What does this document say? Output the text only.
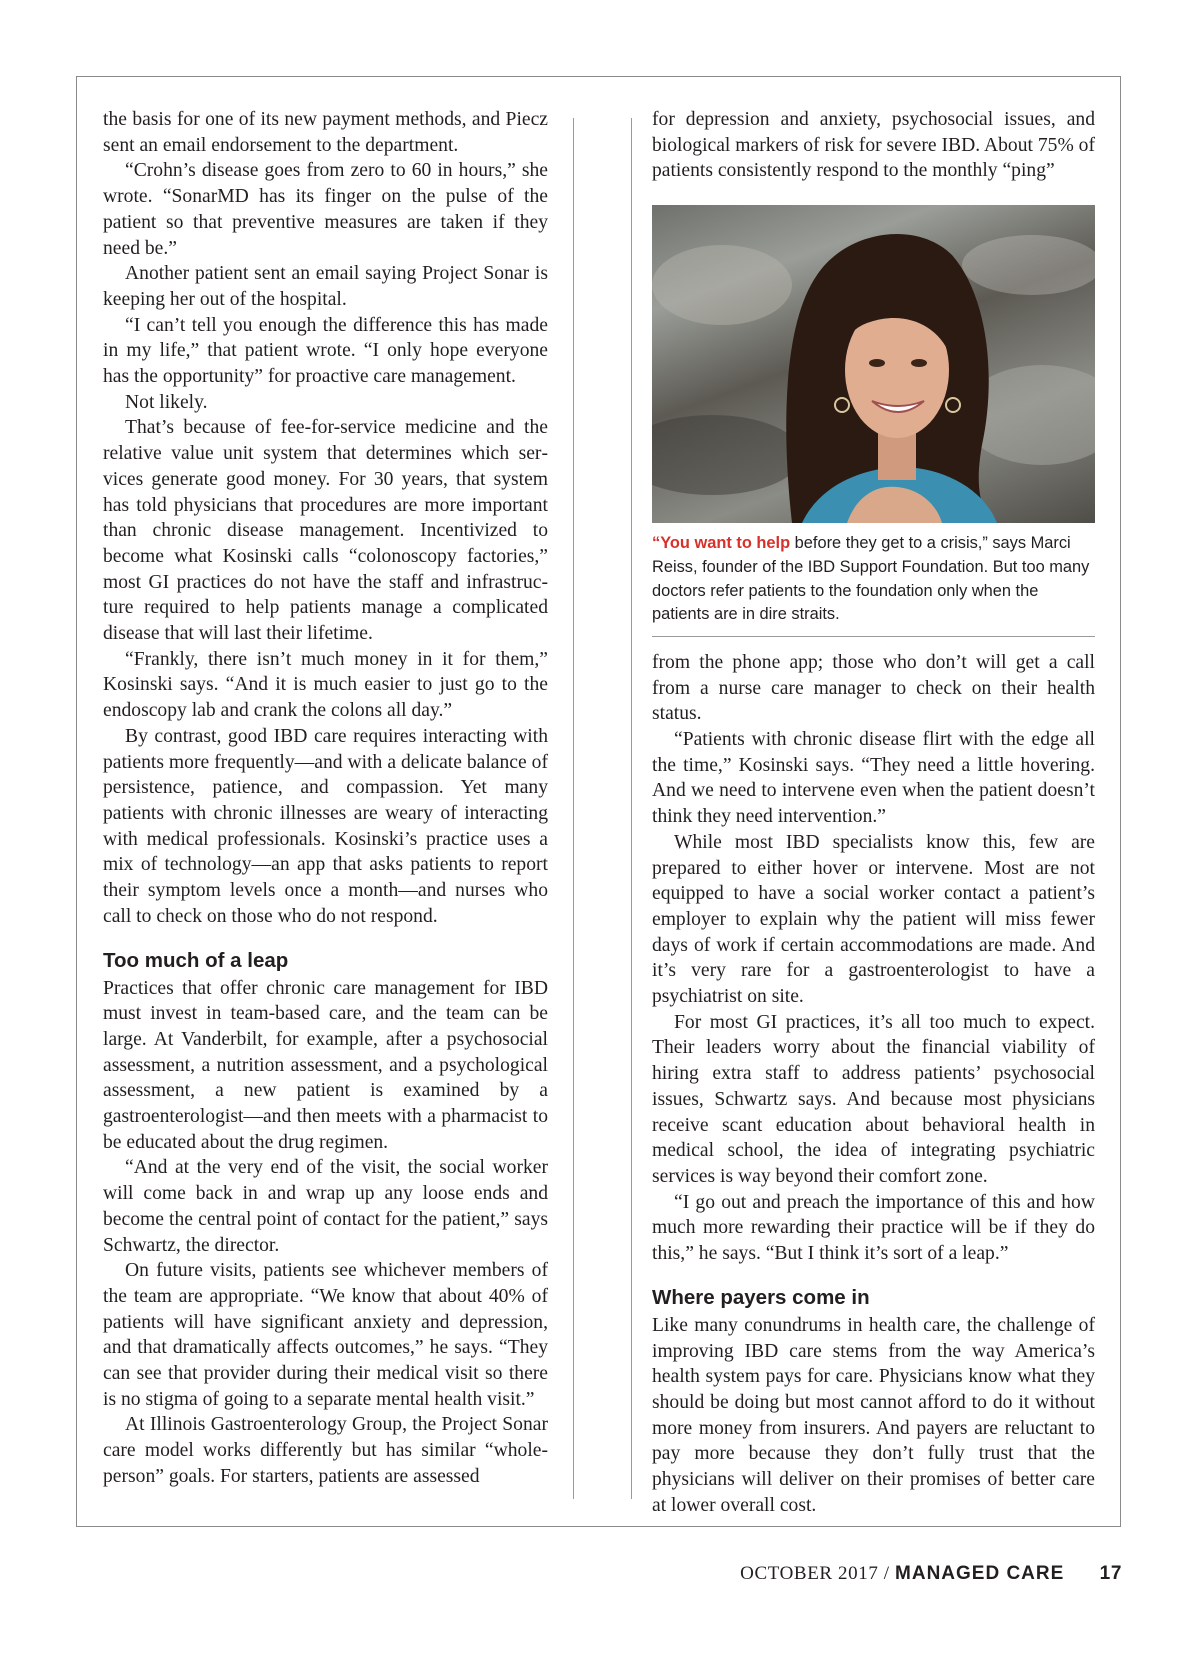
the basis for one of its new payment methods, and Piecz sent an email endorsement to the department.

“Crohn’s disease goes from zero to 60 in hours,” she wrote. “SonarMD has its finger on the pulse of the patient so that preventive measures are taken if they need be.”

Another patient sent an email saying Project Sonar is keeping her out of the hospital.

“I can’t tell you enough the difference this has made in my life,” that patient wrote. “I only hope everyone has the opportunity” for proactive care management.

Not likely.

That’s because of fee-for-service medicine and the relative value unit system that determines which services generate good money. For 30 years, that system has told physicians that procedures are more important than chronic disease management. Incentivized to become what Kosinski calls “colonoscopy factories,” most GI practices do not have the staff and infrastructure required to help patients manage a complicated disease that will last their lifetime.

“Frankly, there isn’t much money in it for them,” Kosinski says. “And it is much easier to just go to the endoscopy lab and crank the colons all day.”

By contrast, good IBD care requires interacting with patients more frequently—and with a delicate balance of persistence, patience, and compassion. Yet many patients with chronic illnesses are weary of interacting with medical professionals. Kosinski’s practice uses a mix of technology—an app that asks patients to report their symptom levels once a month—and nurses who call to check on those who do not respond.

Too much of a leap

Practices that offer chronic care management for IBD must invest in team-based care, and the team can be large. At Vanderbilt, for example, after a psychosocial assessment, a nutrition assessment, and a psychological assessment, a new patient is examined by a gastroenterologist—and then meets with a pharmacist to be educated about the drug regimen.

“And at the very end of the visit, the social worker will come back in and wrap up any loose ends and become the central point of contact for the patient,” says Schwartz, the director.

On future visits, patients see whichever members of the team are appropriate. “We know that about 40% of patients will have significant anxiety and depression, and that dramatically affects outcomes,” he says. “They can see that provider during their medical visit so there is no stigma of going to a separate mental health visit.”

At Illinois Gastroenterology Group, the Project Sonar care model works differently but has similar “whole-person” goals. For starters, patients are assessed

for depression and anxiety, psychosocial issues, and biological markers of risk for severe IBD. About 75% of patients consistently respond to the monthly “ping”

“You want to help before they get to a crisis,” says Marci Reiss, founder of the IBD Support Foundation. But too many doctors refer patients to the foundation only when the patients are in dire straits.

from the phone app; those who don’t will get a call from a nurse care manager to check on their health status.

“Patients with chronic disease flirt with the edge all the time,” Kosinski says. “They need a little hovering. And we need to intervene even when the patient doesn’t think they need intervention.”

While most IBD specialists know this, few are prepared to either hover or intervene. Most are not equipped to have a social worker contact a patient’s employer to explain why the patient will miss fewer days of work if certain accommodations are made. And it’s very rare for a gastroenterologist to have a psychiatrist on site.

For most GI practices, it’s all too much to expect. Their leaders worry about the financial viability of hiring extra staff to address patients’ psychosocial issues, Schwartz says. And because most physicians receive scant education about behavioral health in medical school, the idea of integrating psychiatric services is way beyond their comfort zone.

“I go out and preach the importance of this and how much more rewarding their practice will be if they do this,” he says. “But I think it’s sort of a leap.”

Where payers come in

Like many conundrums in health care, the challenge of improving IBD care stems from the way America’s health system pays for care. Physicians know what they should be doing but most cannot afford to do it without more money from insurers. And payers are reluctant to pay more because they don’t fully trust that the physicians will deliver on their promises of better care at lower overall cost.

OCTOBER 2017 / MANAGED CARE 17
